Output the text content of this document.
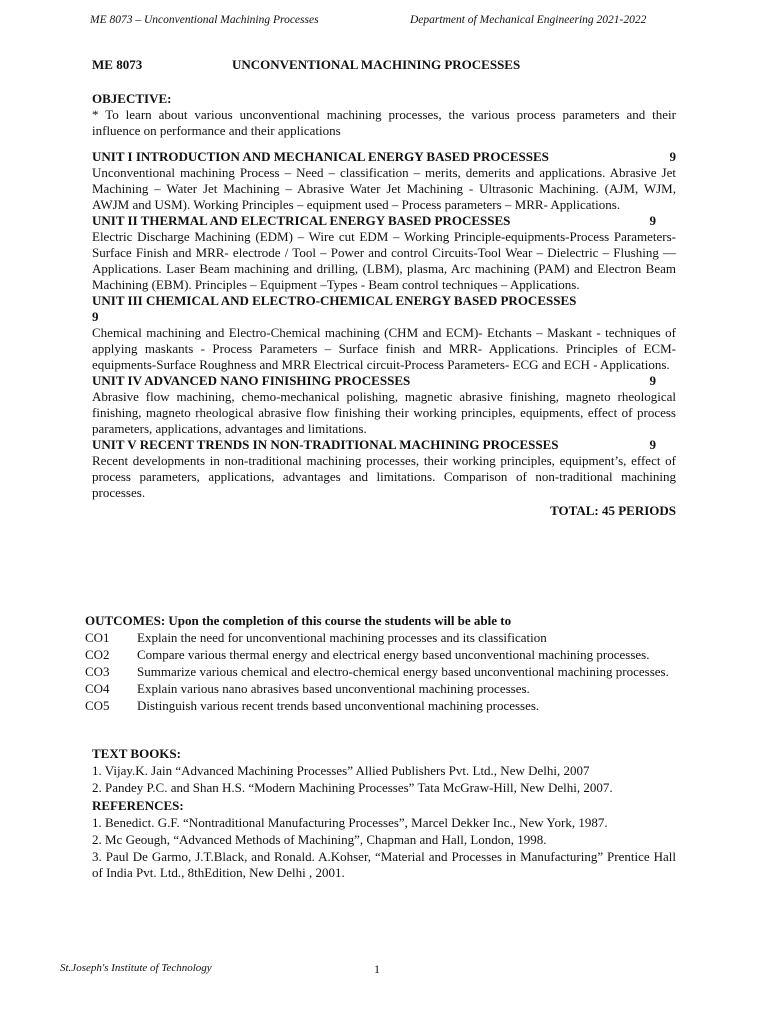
ME 8073 – Unconventional Machining Processes	Department of Mechanical Engineering 2021-2022
ME 8073	UNCONVENTIONAL MACHINING PROCESSES
OBJECTIVE:
* To learn about various unconventional machining processes, the various process parameters and their influence on performance and their applications
UNIT I INTRODUCTION AND MECHANICAL ENERGY BASED PROCESSES	9
Unconventional machining Process – Need – classification – merits, demerits and applications. Abrasive Jet Machining – Water Jet Machining – Abrasive Water Jet Machining - Ultrasonic Machining. (AJM, WJM, AWJM and USM). Working Principles – equipment used – Process parameters – MRR- Applications.
UNIT II THERMAL AND ELECTRICAL ENERGY BASED PROCESSES	9
Electric Discharge Machining (EDM) – Wire cut EDM – Working Principle-equipments-Process Parameters-Surface Finish and MRR- electrode / Tool – Power and control Circuits-Tool Wear – Dielectric – Flushing –– Applications. Laser Beam machining and drilling, (LBM), plasma, Arc machining (PAM) and Electron Beam Machining (EBM). Principles – Equipment –Types - Beam control techniques – Applications.
UNIT III CHEMICAL AND ELECTRO-CHEMICAL ENERGY BASED PROCESSES
9
Chemical machining and Electro-Chemical machining (CHM and ECM)- Etchants – Maskant - techniques of applying maskants - Process Parameters – Surface finish and MRR- Applications. Principles of ECM- equipments-Surface Roughness and MRR Electrical circuit-Process Parameters- ECG and ECH - Applications.
UNIT IV ADVANCED NANO FINISHING PROCESSES	9
Abrasive flow machining, chemo-mechanical polishing, magnetic abrasive finishing, magneto rheological finishing, magneto rheological abrasive flow finishing their working principles, equipments, effect of process parameters, applications, advantages and limitations.
UNIT V RECENT TRENDS IN NON-TRADITIONAL MACHINING PROCESSES	9
Recent developments in non-traditional machining processes, their working principles, equipment’s, effect of process parameters, applications, advantages and limitations. Comparison of non-traditional machining processes.
TOTAL: 45 PERIODS
OUTCOMES: Upon the completion of this course the students will be able to
CO1	Explain the need for unconventional machining processes and its classification
CO2	Compare various thermal energy and electrical energy based unconventional machining processes.
CO3	Summarize various chemical and electro-chemical energy based unconventional machining processes.
CO4	Explain various nano abrasives based unconventional machining processes.
CO5	Distinguish various recent trends based unconventional machining processes.
TEXT BOOKS:
1. Vijay.K. Jain “Advanced Machining Processes” Allied Publishers Pvt. Ltd., New Delhi, 2007
2. Pandey P.C. and Shan H.S. “Modern Machining Processes” Tata McGraw-Hill, New Delhi, 2007.
REFERENCES:
1. Benedict. G.F. “Nontraditional Manufacturing Processes”, Marcel Dekker Inc., New York, 1987.
2. Mc Geough, “Advanced Methods of Machining”, Chapman and Hall, London, 1998.
3. Paul De Garmo, J.T.Black, and Ronald. A.Kohser, “Material and Processes in Manufacturing” Prentice Hall of India Pvt. Ltd., 8thEdition, New Delhi , 2001.
St.Joseph's Institute of Technology	1
